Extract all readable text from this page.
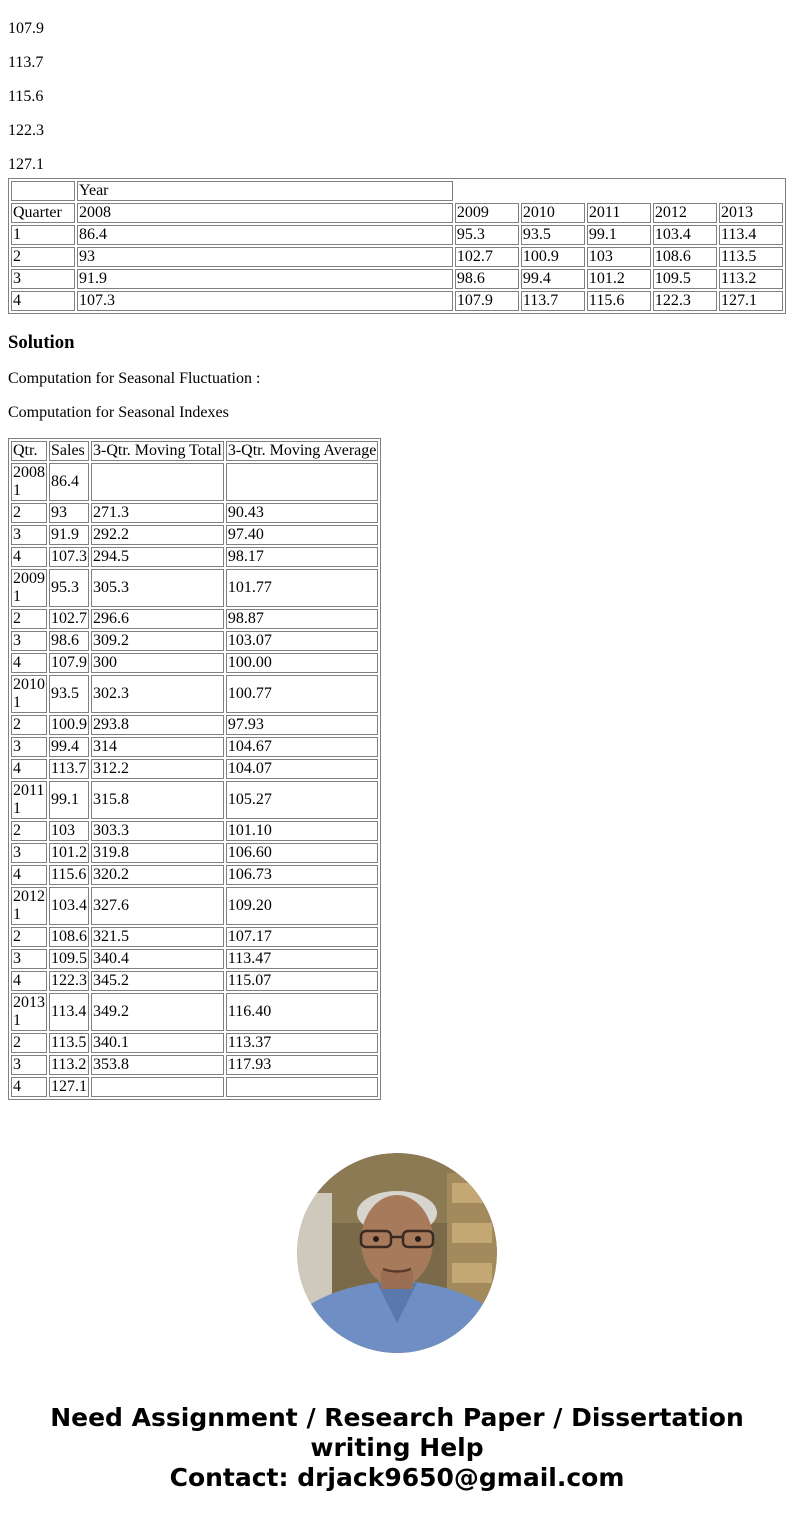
107.9

113.7

115.6

122.3

127.1

	Year					
Quarter	2008	2009	2010	2011	2012	2013
1	86.4	95.3	93.5	99.1	103.4	113.4
2	93	102.7	100.9	103	108.6	113.5
3	91.9	98.6	99.4	101.2	109.5	113.2
4	107.3	107.9	113.7	115.6	122.3	127.1
Solution

Computation for Seasonal Fluctuation :

Computation for Seasonal Indexes

Qtr.	Sales	3-Qtr. Moving Total	3-Qtr. Moving Average

2008
1	86.4		
2	93	271.3	90.43
3	91.9	292.2	97.40
4	107.3	294.5	98.17

2009
1	95.3	305.3	101.77
2	102.7	296.6	98.87
3	98.6	309.2	103.07
4	107.9	300	100.00

2010
1	93.5	302.3	100.77
2	100.9	293.8	97.93
3	99.4	314	104.67
4	113.7	312.2	104.07

2011
1	99.1	315.8	105.27
2	103	303.3	101.10
3	101.2	319.8	106.60
4	115.6	320.2	106.73

2012
1	103.4	327.6	109.20
2	108.6	321.5	107.17
3	109.5	340.4	113.47
4	122.3	345.2	115.07

2013
1	113.4	349.2	116.40
2	113.5	340.1	113.37
3	113.2	353.8	117.93
4	127.1		
Need Assignment / Research Paper / Dissertation
writing Help
Contact: drjack9650@gmail.com
